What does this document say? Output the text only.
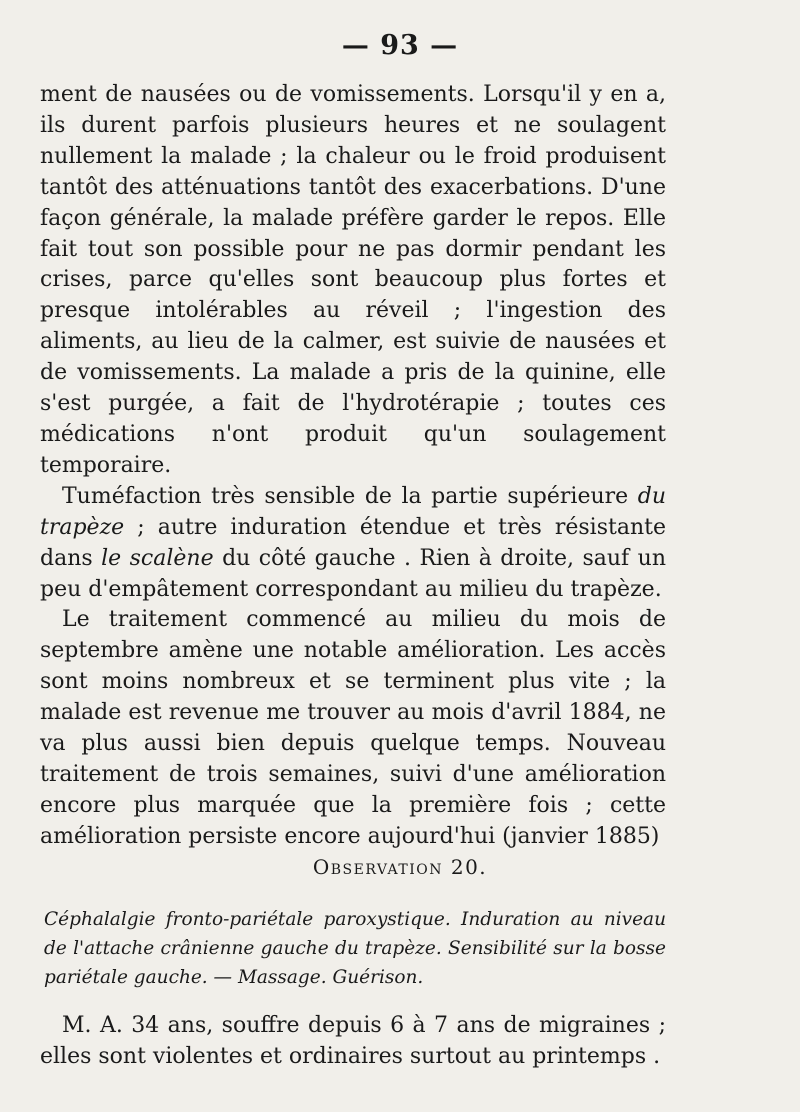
— 93 —

ment de nausées ou de vomissements. Lorsqu'il y en a, ils durent parfois plusieurs heures et ne soulagent nullement la malade ; la chaleur ou le froid produisent tantôt des atténuations tantôt des exacerbations. D'une façon générale, la malade préfère garder le repos. Elle fait tout son possible pour ne pas dormir pendant les crises, parce qu'elles sont beaucoup plus fortes et presque intolérables au réveil ; l'ingestion des aliments, au lieu de la calmer, est suivie de nausées et de vomissements. La malade a pris de la quinine, elle s'est purgée, a fait de l'hydrotérapie ; toutes ces médications n'ont produit qu'un soulagement temporaire.

Tuméfaction très sensible de la partie supérieure du trapèze ; autre induration étendue et très résistante dans le scalène du côté gauche . Rien à droite, sauf un peu d'empâtement correspondant au milieu du trapèze.

Le traitement commencé au milieu du mois de septembre amène une notable amélioration. Les accès sont moins nombreux et se terminent plus vite ; la malade est revenue me trouver au mois d'avril 1884, ne va plus aussi bien depuis quelque temps. Nouveau traitement de trois semaines, suivi d'une amélioration encore plus marquée que la première fois ; cette amélioration persiste encore aujourd'hui (janvier 1885)

Observation 20.

Céphalalgie fronto-pariétale paroxystique. Induration au niveau de l'attache crânienne gauche du trapèze. Sensibilité sur la bosse pariétale gauche. — Massage. Guérison.

M. A. 34 ans, souffre depuis 6 à 7 ans de migraines ; elles sont violentes et ordinaires surtout au printemps .
